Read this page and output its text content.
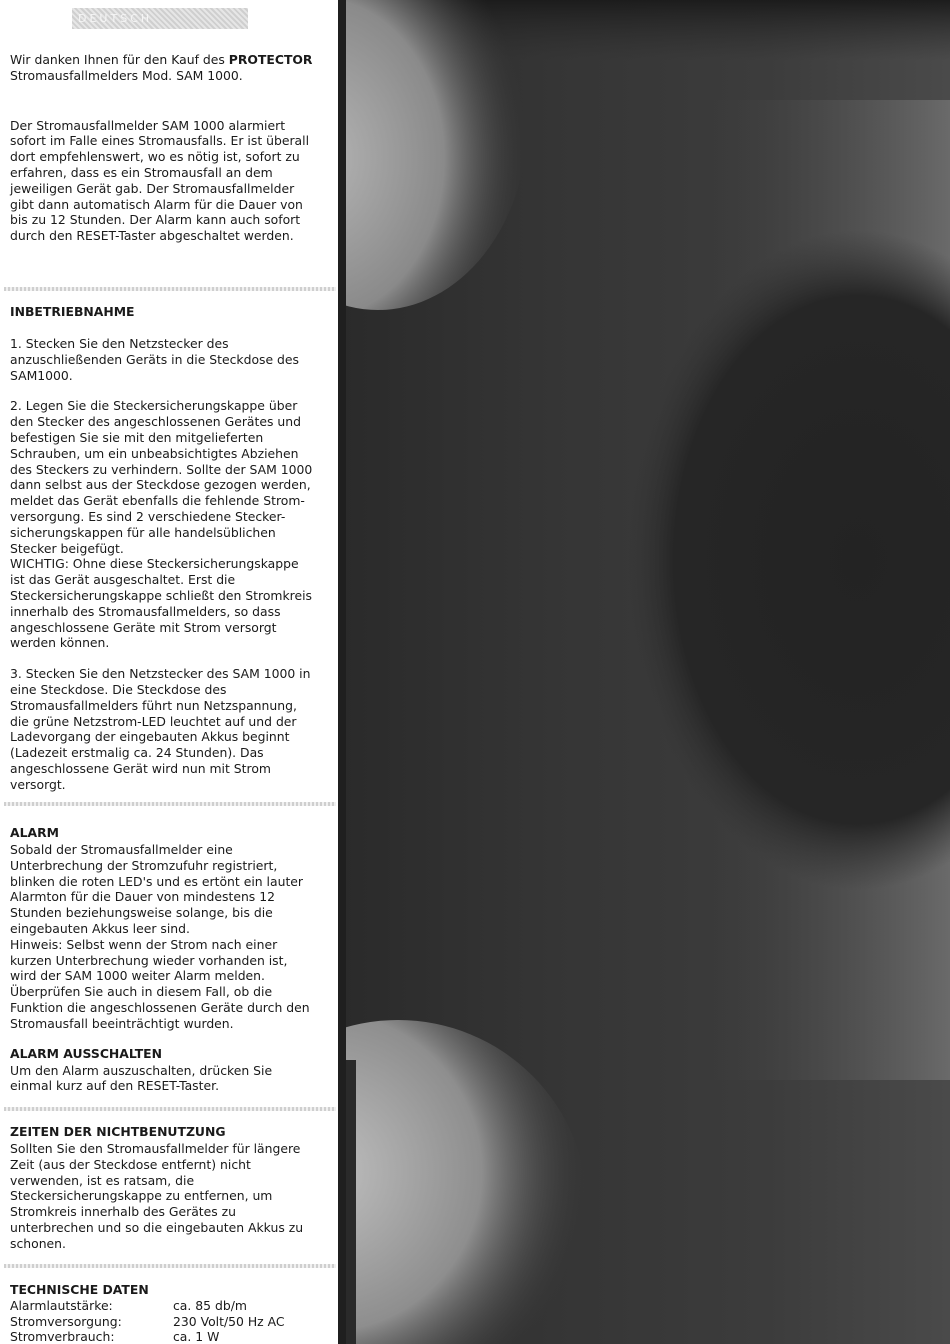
DEUTSCH

Wir danken Ihnen für den Kauf des PROTECTOR
Stromausfallmelders Mod. SAM 1000.

Der Stromausfallmelder SAM 1000 alarmiert sofort im Falle eines Stromausfalls. Er ist überall dort empfehlenswert, wo es nötig ist, sofort zu erfahren, dass es ein Stromausfall an dem jeweiligen Gerät gab. Der Stromausfallmelder gibt dann automatisch Alarm für die Dauer von bis zu 12 Stunden. Der Alarm kann auch sofort durch den RESET-Taster abgeschaltet werden.

INBETRIEBNAHME

1. Stecken Sie den Netzstecker des anzuschließenden Geräts in die Steckdose des SAM1000.

2. Legen Sie die Steckersicherungskappe über den Stecker des angeschlossenen Gerätes und befestigen Sie sie mit den mitgelieferten Schrauben, um ein unbeabsichtigtes Abziehen des Steckers zu verhindern. Sollte der SAM 1000 dann selbst aus der Steckdose gezogen werden, meldet das Gerät ebenfalls die fehlende Strom-versorgung. Es sind 2 verschiedene Stecker-sicherungskappen für alle handelsüblichen Stecker beigefügt.

WICHTIG: Ohne diese Steckersicherungskappe ist das Gerät ausgeschaltet. Erst die Steckersicherungskappe schließt den Stromkreis innerhalb des Stromausfallmelders, so dass angeschlossene Geräte mit Strom versorgt werden können.

3. Stecken Sie den Netzstecker des SAM 1000 in eine Steckdose. Die Steckdose des Stromausfallmelders führt nun Netzspannung, die grüne Netzstrom-LED leuchtet auf und der Ladevorgang der eingebauten Akkus beginnt (Ladezeit erstmalig ca. 24 Stunden). Das angeschlossene Gerät wird nun mit Strom versorgt.

ALARM

Sobald der Stromausfallmelder eine Unterbrechung der Stromzufuhr registriert, blinken die roten LED's und es ertönt ein lauter Alarmton für die Dauer von mindestens 12 Stunden beziehungsweise solange, bis die eingebauten Akkus leer sind.

Hinweis: Selbst wenn der Strom nach einer kurzen Unterbrechung wieder vorhanden ist, wird der SAM 1000 weiter Alarm melden. Überprüfen Sie auch in diesem Fall, ob die Funktion die angeschlossenen Geräte durch den Stromausfall beeinträchtigt wurden.

ALARM AUSSCHALTEN

Um den Alarm auszuschalten, drücken Sie einmal kurz auf den RESET-Taster.

ZEITEN DER NICHTBENUTZUNG

Sollten Sie den Stromausfallmelder für längere Zeit (aus der Steckdose entfernt) nicht verwenden, ist es ratsam, die Steckersicherungskappe zu entfernen, um Stromkreis innerhalb des Gerätes zu unterbrechen und so die eingebauten Akkus zu schonen.

TECHNISCHE DATEN
Alarmlautstärke:	ca. 85 db/m
Stromversorgung:	230 Volt/50 Hz AC
Stromverbrauch:	ca. 1 W
